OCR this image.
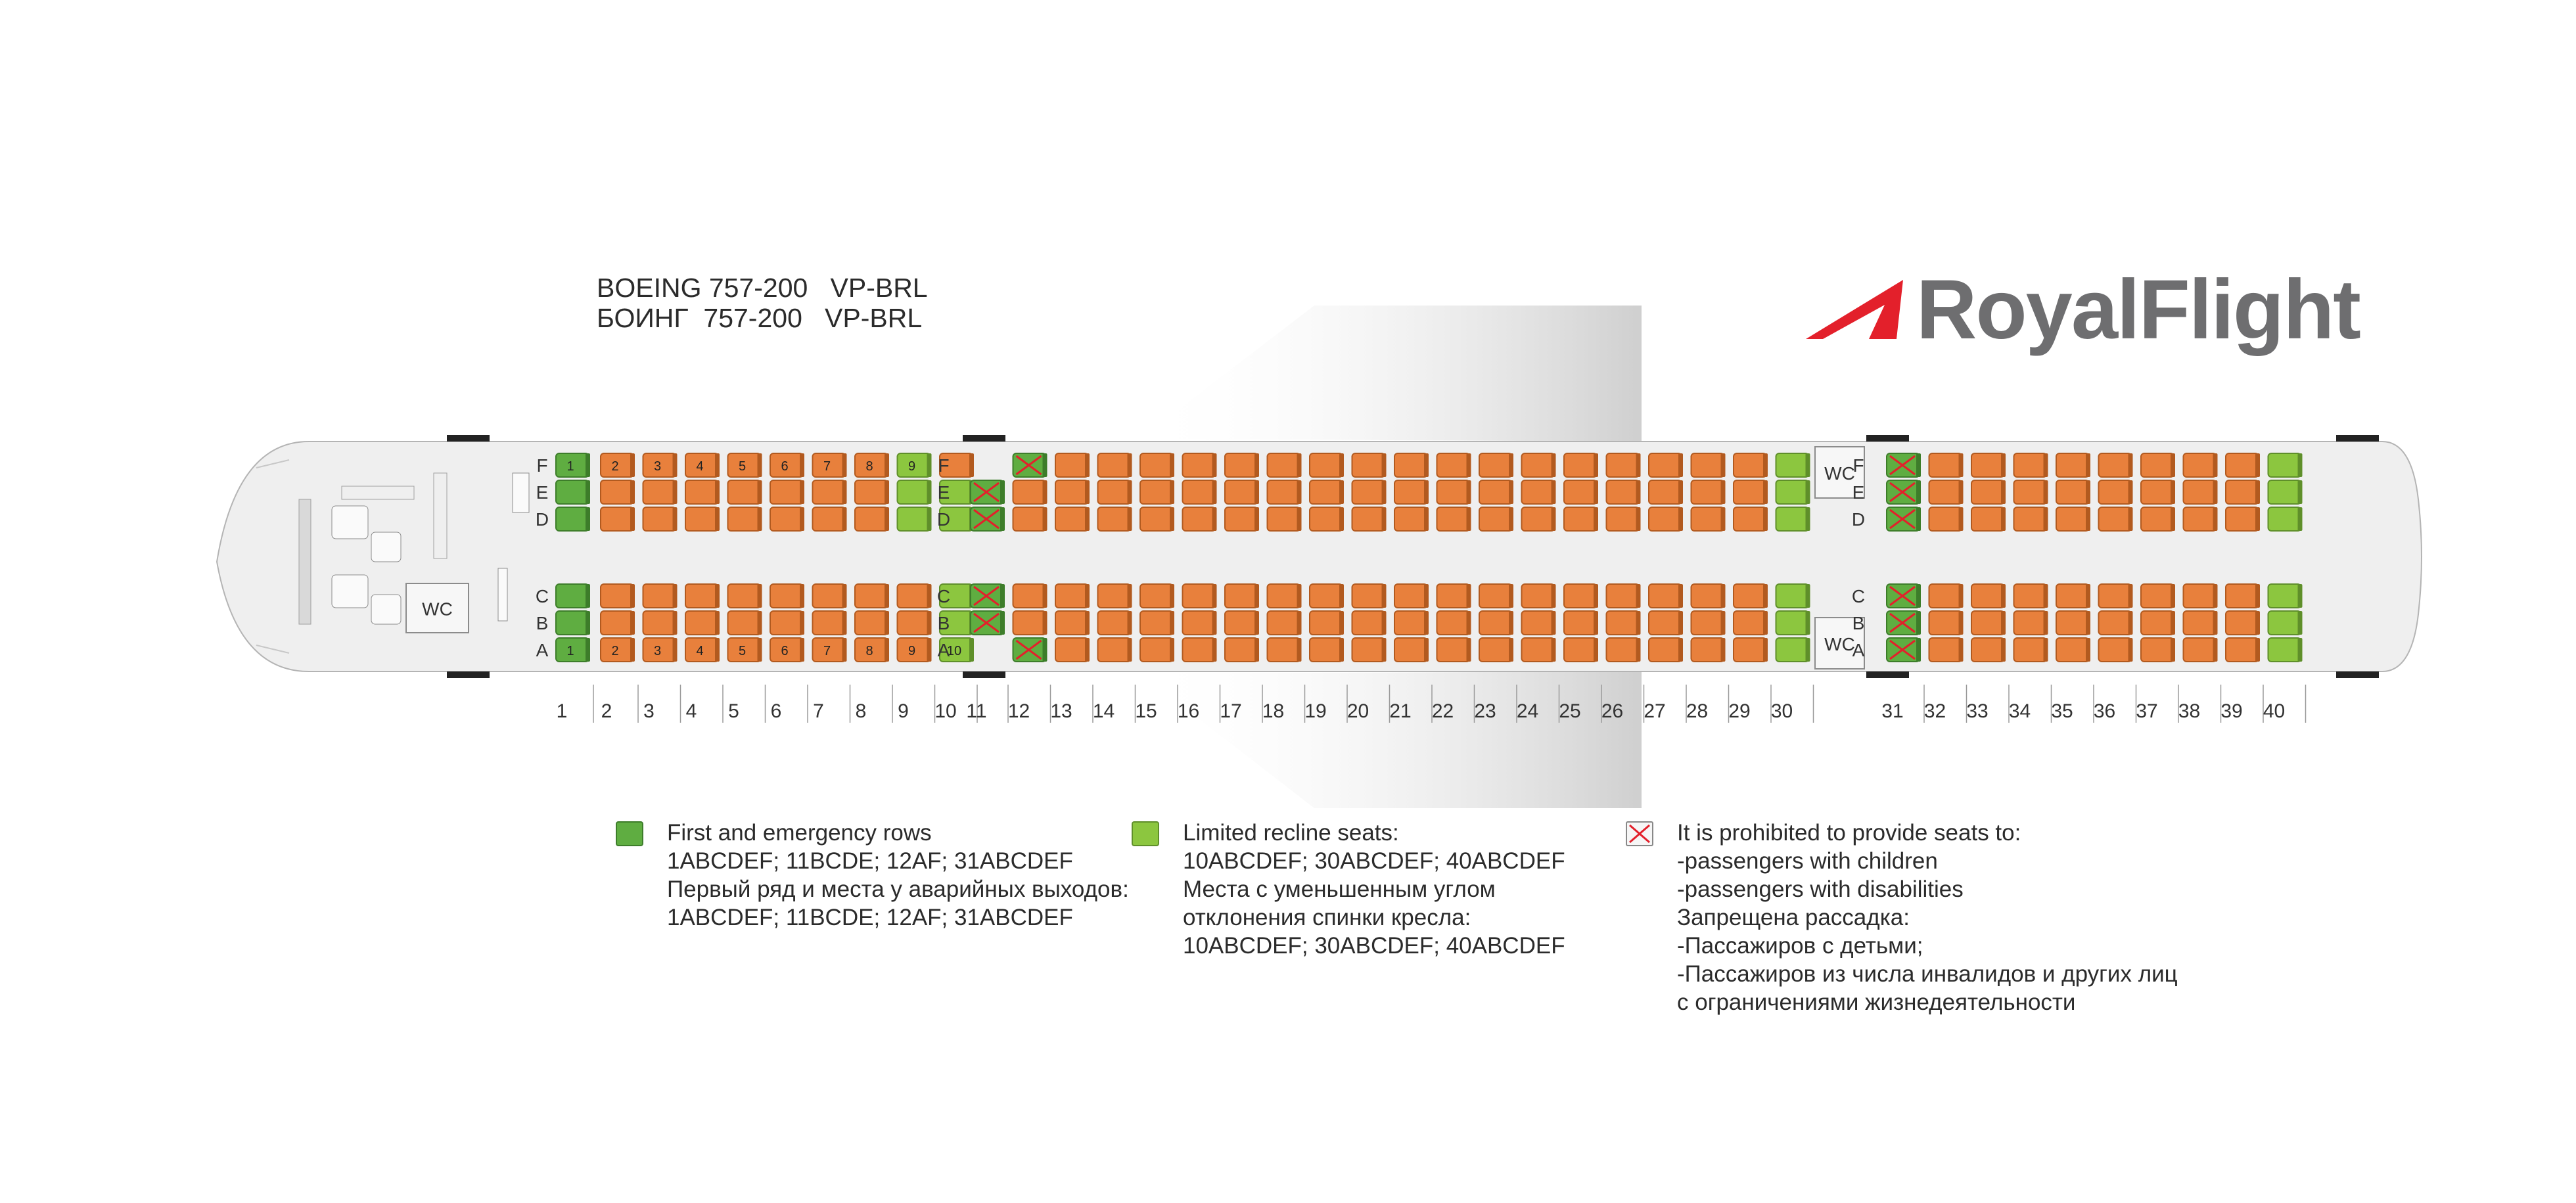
BOEING 757-200   VP-BRL
БОИНГ  757-200   VP-BRL	RoyalFlight
WC
WC
WC
1	2	3	4	5	6	7	8	9
1	2	3	4	5	6	7	8	9 10
F
E
D
C
B
A
F
E
D
C
B
A
F
E
D
C
B
A
1 2 3 4 5 6 7 8 9 10 11 12 13 14 15 16 17 18 19 20 21 22 23 24 25 26 27 28 29 30	31 32 33 34 35 36 37 38 39 40
First and emergency rows
1ABCDEF; 11BCDE; 12AF; 31ABCDEF
Первый ряд и места у аварийных выходов:
1ABCDEF; 11BCDE; 12AF; 31ABCDEF
Limited recline seats:
10ABCDEF; 30ABCDEF; 40ABCDEF
Места с уменьшенным углом
отклонения спинки кресла:
10ABCDEF; 30ABCDEF; 40ABCDEF
It is prohibited to provide seats to:
-passengers with children
-passengers with disabilities
Запрещена рассадка:
-Пассажиров с детьми;
-Пассажиров из числа инвалидов и других лиц
с ограничениями жизнедеятельности
